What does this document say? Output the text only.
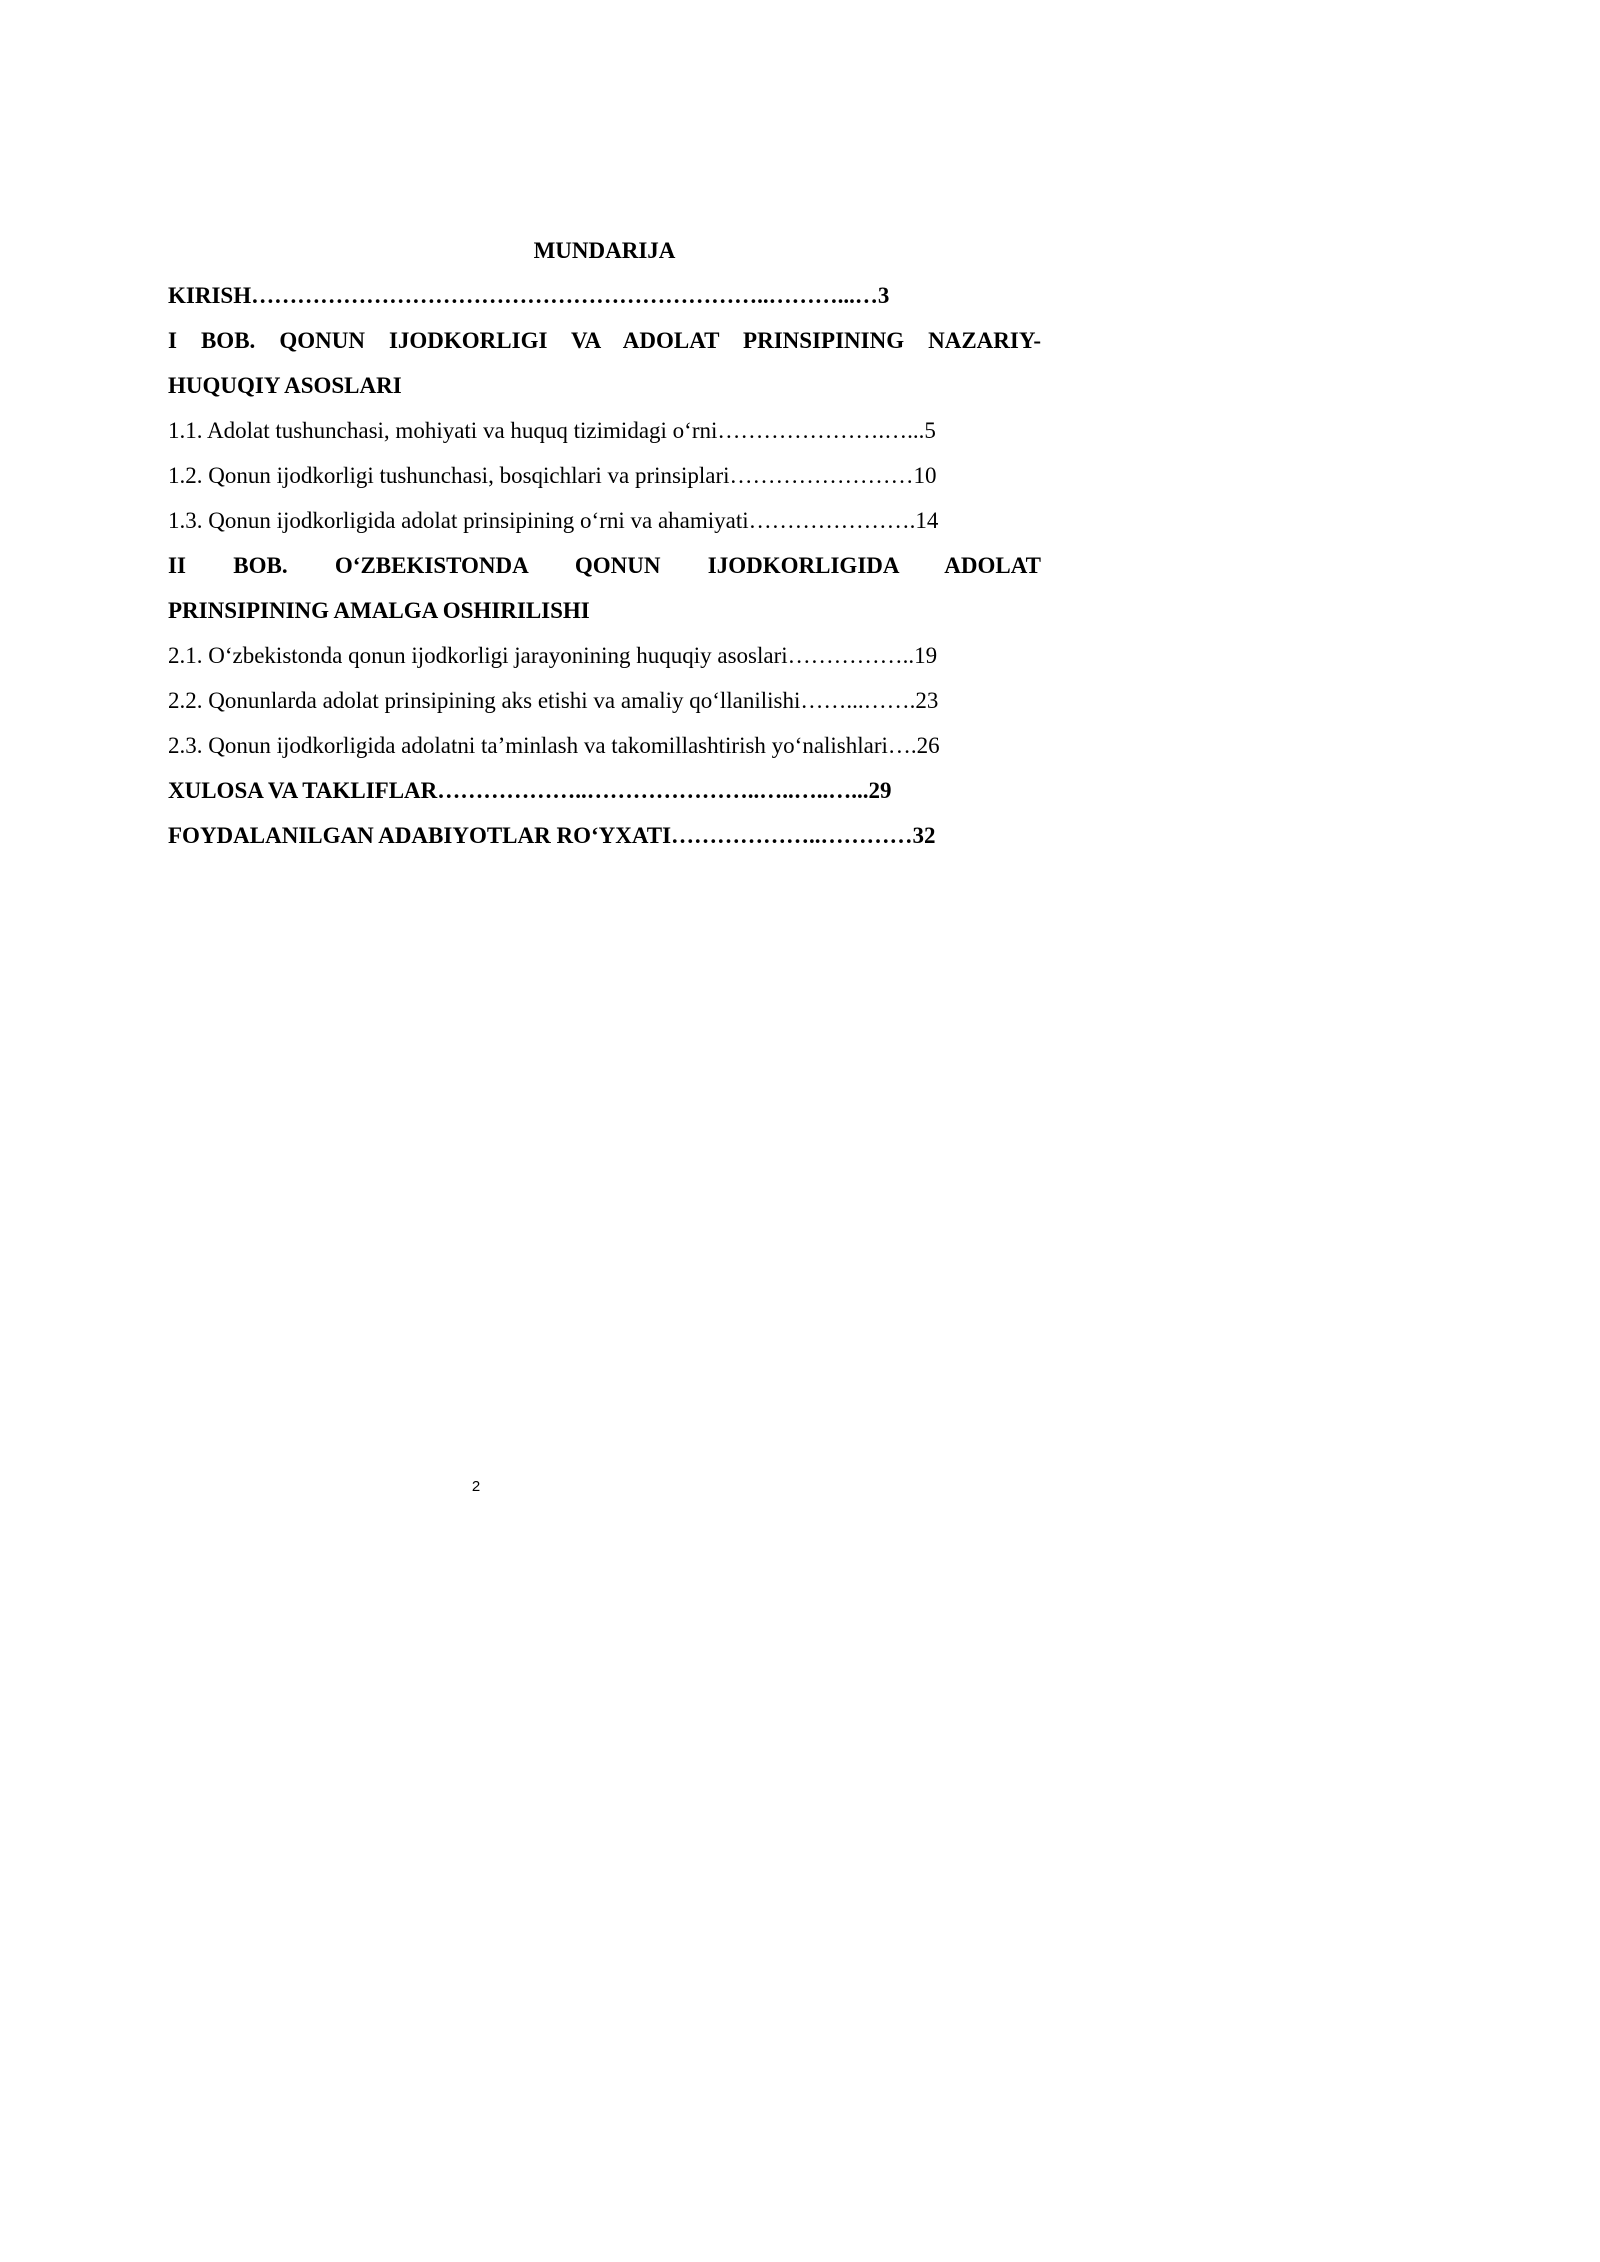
MUNDARIJA
KIRISH…………………………………………………………..………...…3
I BOB. QONUN IJODKORLIGI VA ADOLAT PRINSIPINING NAZARIY-
HUQUQIY ASOSLARI
1.1. Adolat tushunchasi, mohiyati va huquq tizimidagi o‘rni………………….…...5
1.2. Qonun ijodkorligi tushunchasi, bosqichlari va prinsiplari……………………10
1.3. Qonun ijodkorligida adolat prinsipining o‘rni va ahamiyati………………….14
II BOB. O‘ZBEKISTONDA QONUN IJODKORLIGIDA ADOLAT
PRINSIPINING AMALGA OSHIRILISHI
2.1. O‘zbekistonda qonun ijodkorligi jarayonining huquqiy asoslari……………..19
2.2. Qonunlarda adolat prinsipining aks etishi va amaliy qo‘llanilishi……...…….23
2.3. Qonun ijodkorligida adolatni ta’minlash va takomillashtirish yo‘nalishlari….26
XULOSA VA TAKLIFLAR………………..…………………..…..…..…...29
FOYDALANILGAN ADABIYOTLAR RO‘YXATI………………..…………32
2
